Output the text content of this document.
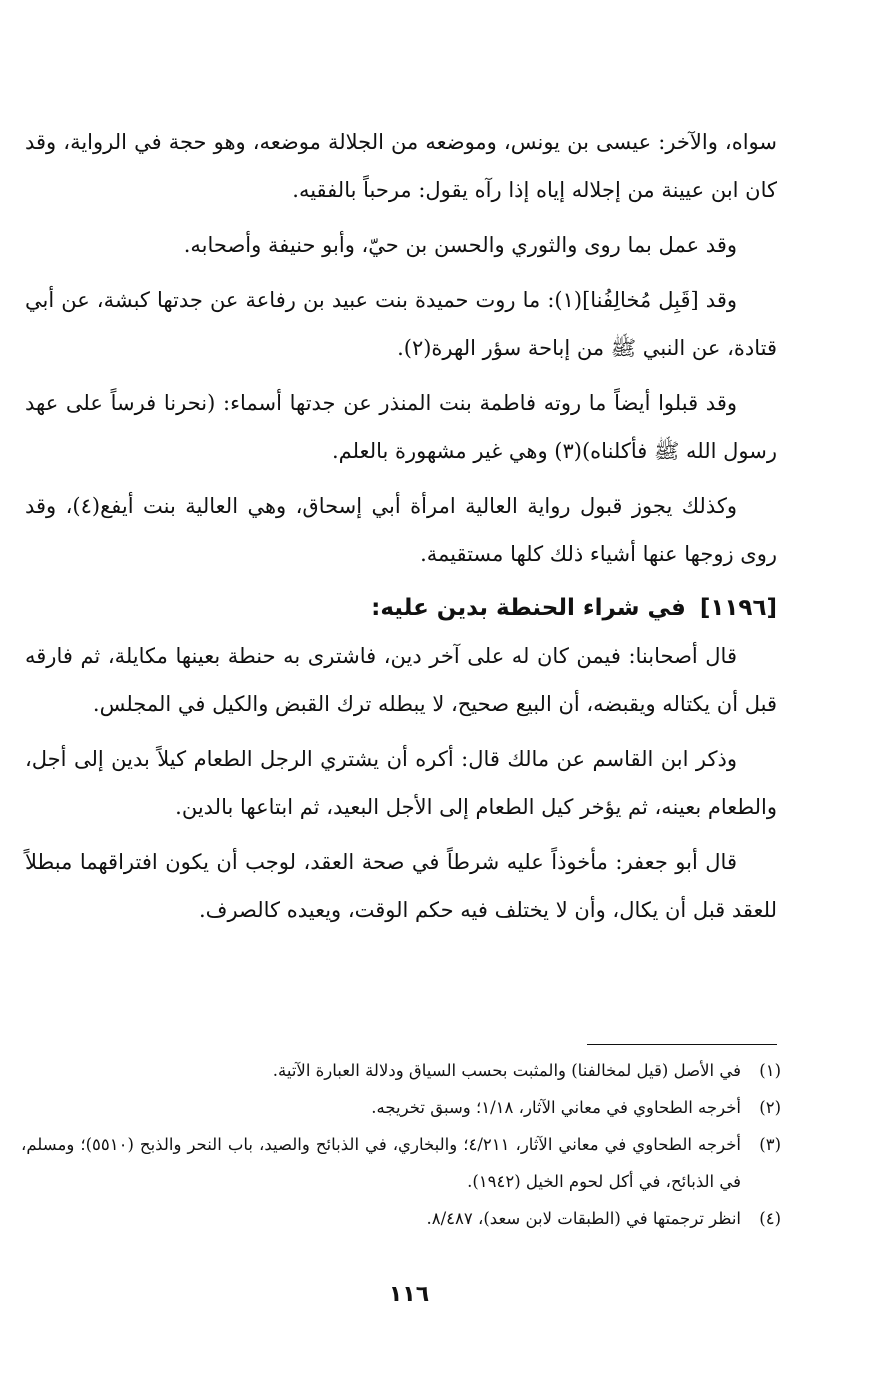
سواه، والآخر: عيسى بن يونس، وموضعه من الجلالة موضعه، وهو حجة في الرواية، وقد كان ابن عيينة من إجلاله إياه إذا رآه يقول: مرحباً بالفقيه.

وقد عمل بما روى والثوري والحسن بن حيّ، وأبو حنيفة وأصحابه.

وقد [قَبِل مُخالِفُنا](١): ما روت حميدة بنت عبيد بن رفاعة عن جدتها كبشة، عن أبي قتادة، عن النبي ﷺ من إباحة سؤر الهرة(٢).

وقد قبلوا أيضاً ما روته فاطمة بنت المنذر عن جدتها أسماء: (نحرنا فرساً على عهد رسول الله ﷺ فأكلناه)(٣) وهي غير مشهورة بالعلم.

وكذلك يجوز قبول رواية العالية امرأة أبي إسحاق، وهي العالية بنت أيفع(٤)، وقد روى زوجها عنها أشياء ذلك كلها مستقيمة.

[١١٩٦]في شراء الحنطة بدين عليه:

قال أصحابنا: فيمن كان له على آخر دين، فاشترى به حنطة بعينها مكايلة، ثم فارقه قبل أن يكتاله ويقبضه، أن البيع صحيح، لا يبطله ترك القبض والكيل في المجلس.

وذكر ابن القاسم عن مالك قال: أكره أن يشتري الرجل الطعام كيلاً بدين إلى أجل، والطعام بعينه، ثم يؤخر كيل الطعام إلى الأجل البعيد، ثم ابتاعها بالدين.

قال أبو جعفر: مأخوذاً عليه شرطاً في صحة العقد، لوجب أن يكون افتراقهما مبطلاً للعقد قبل أن يكال، وأن لا يختلف فيه حكم الوقت، ويعيده كالصرف.

(١)
في الأصل (قيل لمخالفنا) والمثبت بحسب السياق ودلالة العبارة الآتية.
(٢)
أخرجه الطحاوي في معاني الآثار، ١/١٨؛ وسبق تخريجه.
(٣)
أخرجه الطحاوي في معاني الآثار، ٤/٢١١؛ والبخاري، في الذبائح والصيد، باب النحر والذبح (٥٥١٠)؛ ومسلم، في الذبائح، في أكل لحوم الخيل (١٩٤٢).
(٤)
انظر ترجمتها في (الطبقات لابن سعد)، ٨/٤٨٧.
١١٦
